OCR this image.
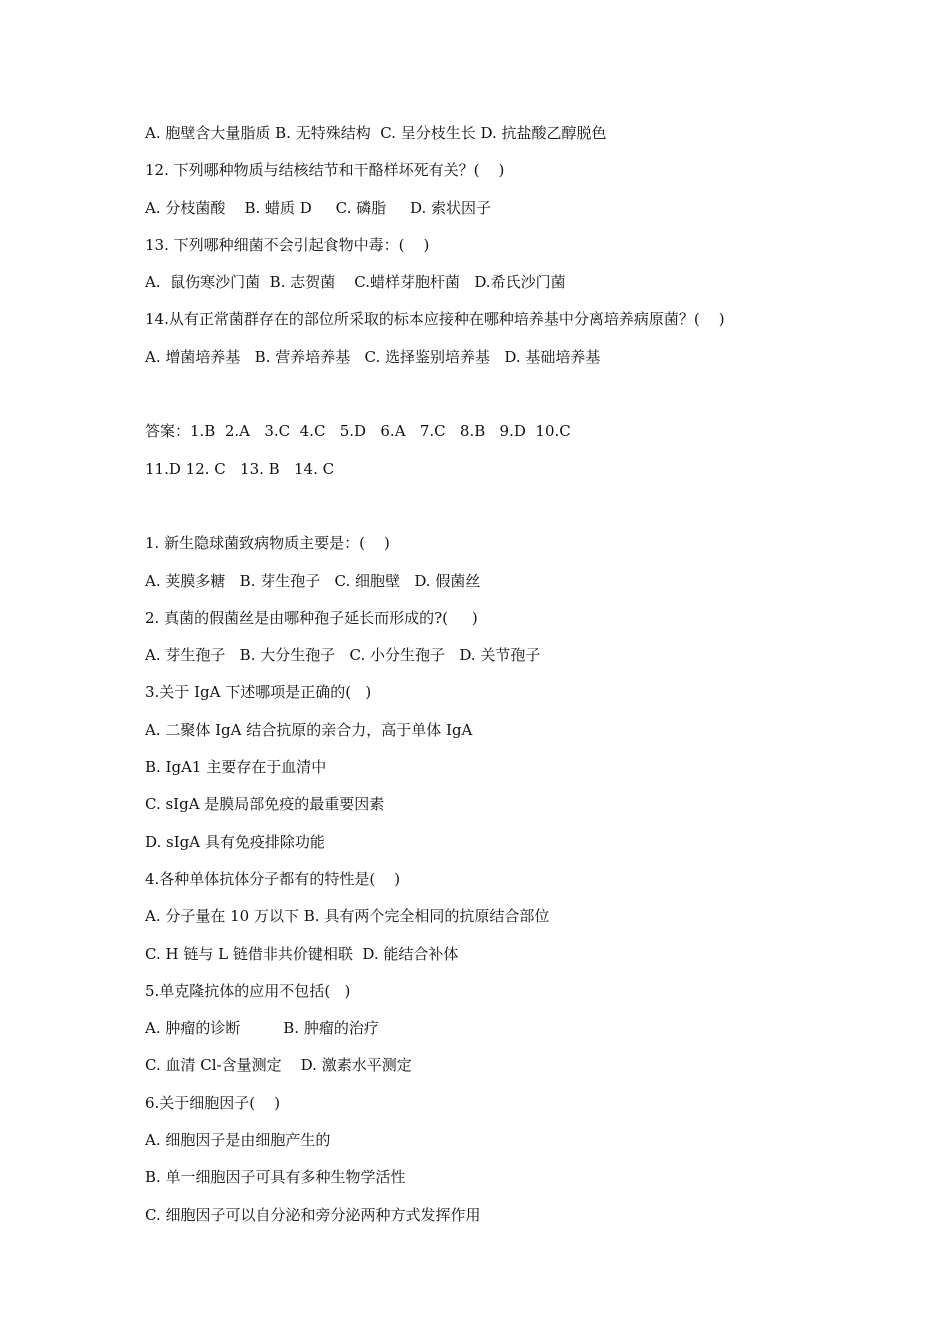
A. 胞壁含大量脂质 B. 无特殊结构  C. 呈分枝生长 D. 抗盐酸乙醇脱色
12. 下列哪种物质与结核结节和干酪样坏死有关？(    )
A. 分枝菌酸    B. 蜡质 D     C. 磷脂     D. 索状因子
13. 下列哪种细菌不会引起食物中毒：(    )
A.  鼠伤寒沙门菌  B. 志贺菌    C.蜡样芽胞杆菌   D.希氏沙门菌
14.从有正常菌群存在的部位所采取的标本应接种在哪种培养基中分离培养病原菌？(    )
A. 增菌培养基   B. 营养培养基   C. 选择鉴别培养基   D. 基础培养基
答案：1.B  2.A   3.C  4.C   5.D   6.A   7.C   8.B   9.D  10.C
11.D 12. C   13. B   14. C
1. 新生隐球菌致病物质主要是：(    )
A. 荚膜多糖   B. 芽生孢子   C. 细胞壁   D. 假菌丝
2. 真菌的假菌丝是由哪种孢子延长而形成的?(     )
A. 芽生孢子   B. 大分生孢子   C. 小分生孢子   D. 关节孢子
3.关于 IgA 下述哪项是正确的(   )
A. 二聚体 IgA 结合抗原的亲合力，高于单体 IgA
B. IgA1 主要存在于血清中
C. sIgA 是膜局部免疫的最重要因素
D. sIgA 具有免疫排除功能
4.各种单体抗体分子都有的特性是(    )
A. 分子量在 10 万以下 B. 具有两个完全相同的抗原结合部位
C. H 链与 L 链借非共价键相联  D. 能结合补体
5.单克隆抗体的应用不包括(   )
A. 肿瘤的诊断         B. 肿瘤的治疗
C. 血清 Cl-含量测定    D. 激素水平测定
6.关于细胞因子(    )
A. 细胞因子是由细胞产生的
B. 单一细胞因子可具有多种生物学活性
C. 细胞因子可以自分泌和旁分泌两种方式发挥作用
